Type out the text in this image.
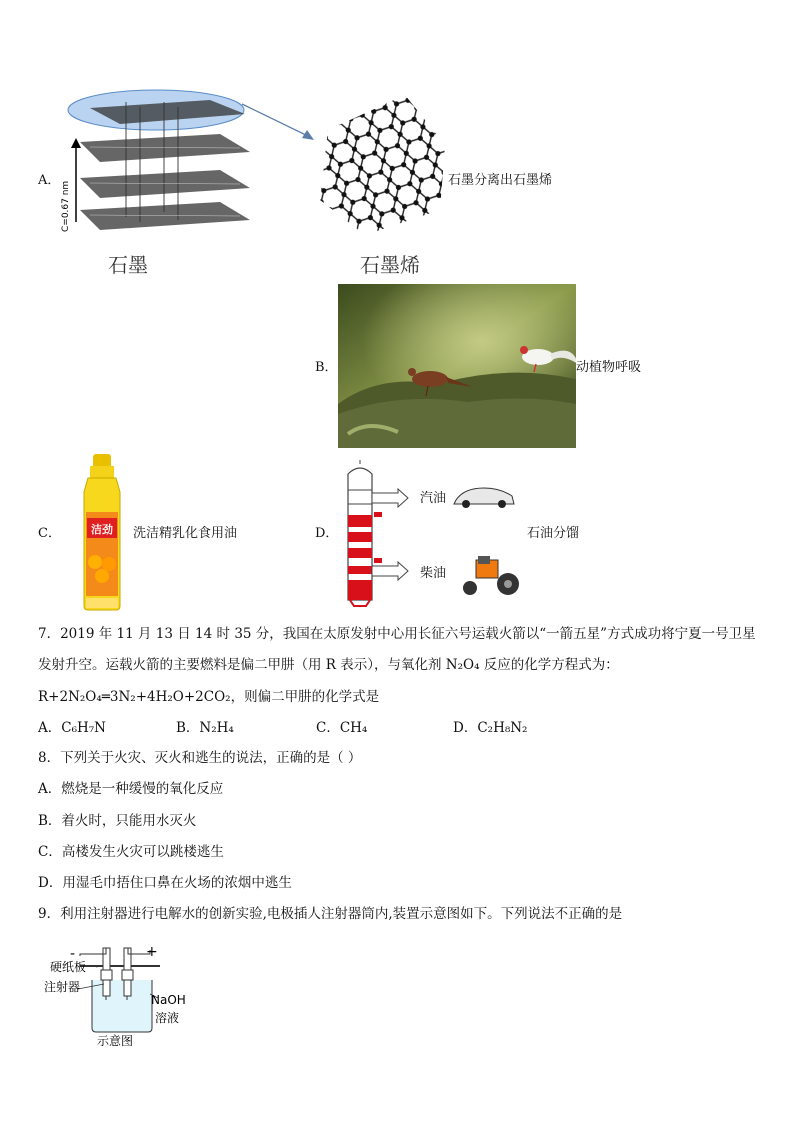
A．
C=0.67 nm
石墨
石墨分离出石墨烯
石墨烯
B．	动植物呼吸
C．	洁劲 洗洁精乳化食用油	D．
汽油
柴油
石油分馏
7．2019 年 11 月 13 日 14 时 35 分，我国在太原发射中心用长征六号运载火箭以“一箭五星”方式成功将宁夏一号卫星
发射升空。运载火箭的主要燃料是偏二甲肼（用 R 表示），与氧化剂 N₂O₄ 反应的化学方程式为：
R+2N₂O₄═3N₂+4H₂O+2CO₂，则偏二甲肼的化学式是
A．C₆H₇N	B．N₂H₄	C．CH₄	D．C₂H₈N₂
8．下列关于火灾、灭火和逃生的说法，正确的是（ ）
A．燃烧是一种缓慢的氧化反应
B．着火时，只能用水灭火
C．高楼发生火灾可以跳楼逃生
D．用湿毛巾捂住口鼻在火场的浓烟中逃生
9．利用注射器进行电解水的创新实验,电极插人注射器筒内,装置示意图如下。下列说法不正确的是
-	+
硬纸板
注射器
NaOH
溶液
示意图
